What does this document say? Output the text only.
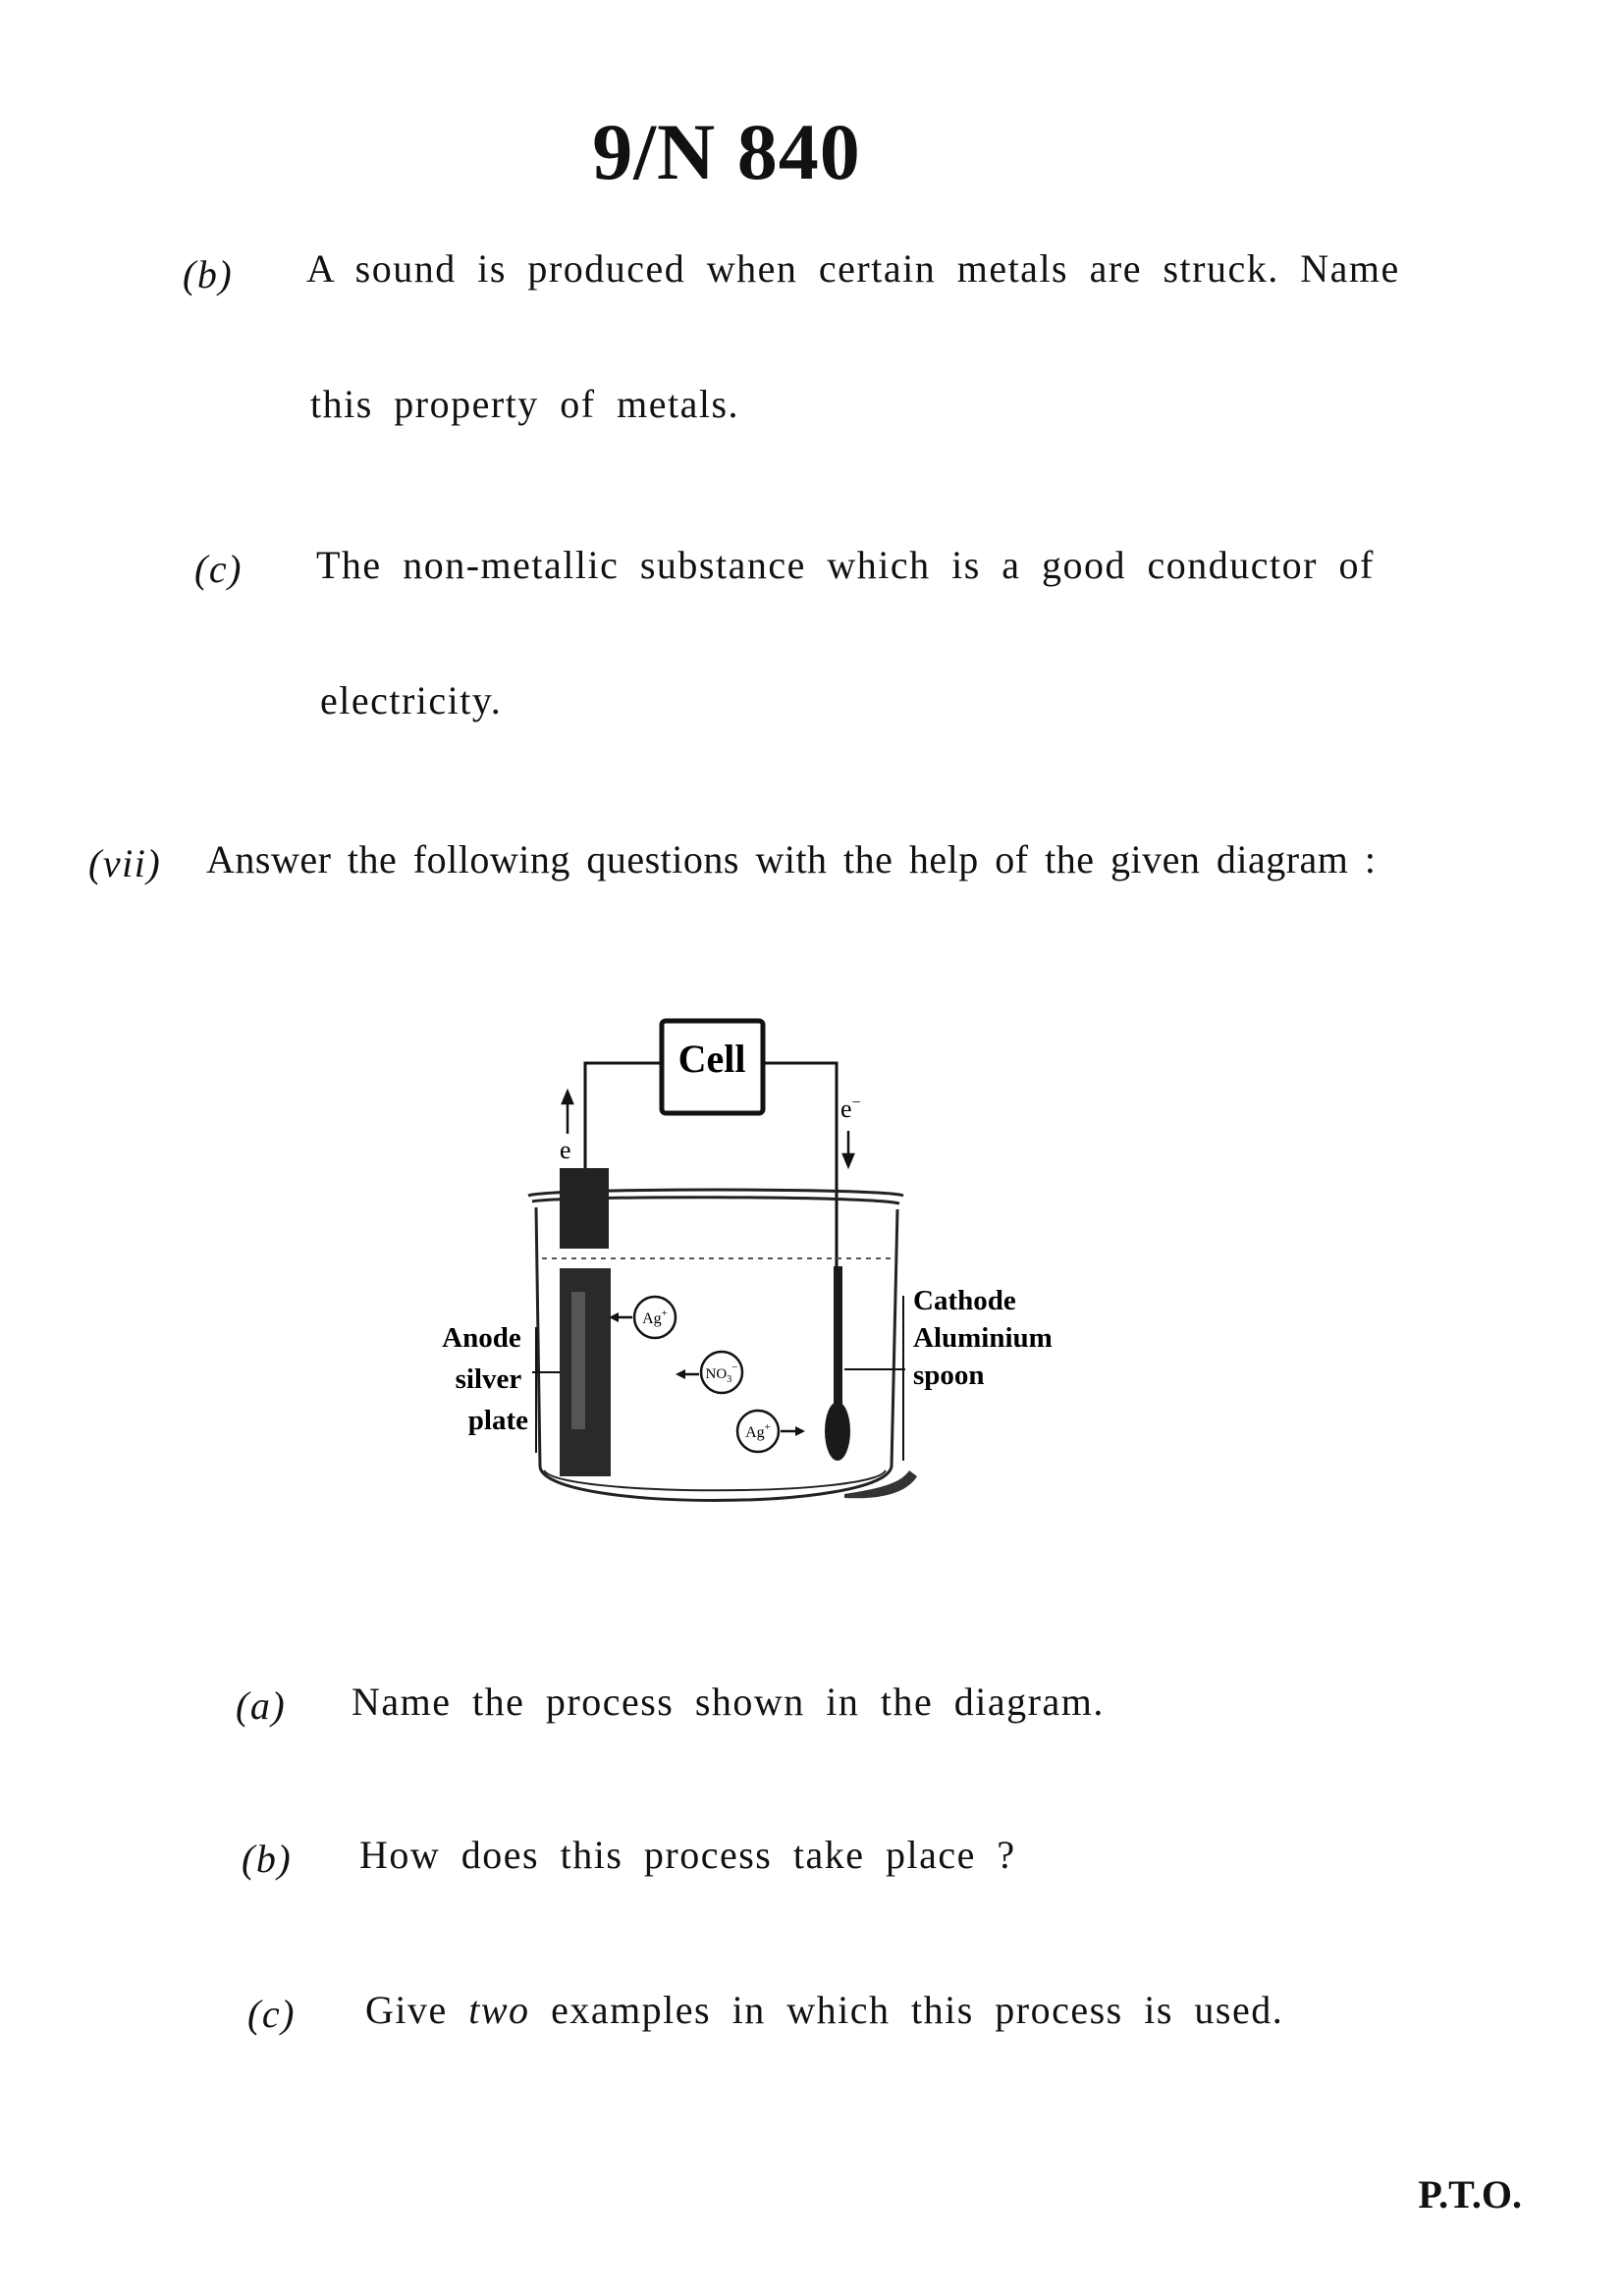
9/N 840
(b) A sound is produced when certain metals are struck. Name
this property of metals.
(c) The non-metallic substance which is a good conductor of
electricity.
(vii) Answer the following questions with the help of the given diagram :
Cell
e
e−
Ag+
$NO_3^-$
Ag+
Anode silver plate
Cathode Aluminium spoon
(a) Name the process shown in the diagram.
(b) How does this process take place ?
(c) Give two examples in which this process is used.
P.T.O.
